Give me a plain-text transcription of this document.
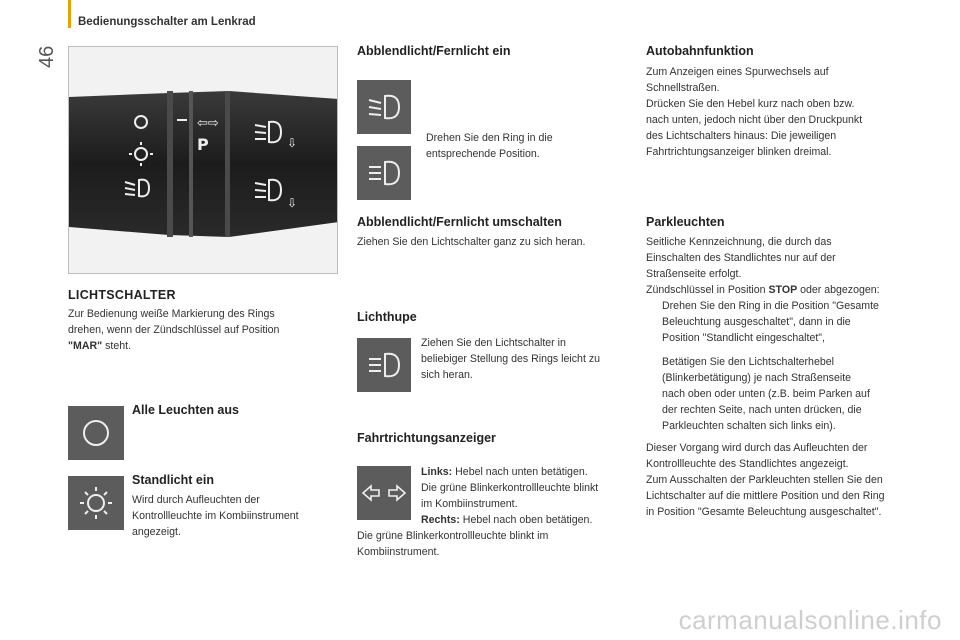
Bedienungsschalter am Lenkrad
46
⇦⇨
P	⇩
⇩
LICHTSCHALTER
Zur Bedienung weiße Markierung des Rings
drehen, wenn der Zündschlüssel auf Position
"MAR" steht.
Alle Leuchten aus
Standlicht ein
Wird durch Aufleuchten der
Kontrollleuchte im Kombiinstrument
angezeigt.
Abblendlicht/Fernlicht ein
Drehen Sie den Ring in die
entsprechende Position.
Abblendlicht/Fernlicht umschalten
Ziehen Sie den Lichtschalter ganz zu sich heran.
Lichthupe
Ziehen Sie den Lichtschalter in
beliebiger Stellung des Rings leicht zu
sich heran.
Fahrtrichtungsanzeiger
Links: Hebel nach unten betätigen.
Die grüne Blinkerkontrollleuchte blinkt
im Kombiinstrument.
Rechts: Hebel nach oben betätigen.
Die grüne Blinkerkontrollleuchte blinkt im
Kombiinstrument.
Autobahnfunktion
Zum Anzeigen eines Spurwechsels auf
Schnellstraßen.
Drücken Sie den Hebel kurz nach oben bzw.
nach unten, jedoch nicht über den Druckpunkt
des Lichtschalters hinaus: Die jeweiligen
Fahrtrichtungsanzeiger blinken dreimal.
Parkleuchten
Seitliche Kennzeichnung, die durch das
Einschalten des Standlichtes nur auf der
Straßenseite erfolgt.
Zündschlüssel in Position STOP oder abgezogen:
Drehen Sie den Ring in die Position "Gesamte
Beleuchtung ausgeschaltet", dann in die
Position "Standlicht eingeschaltet",
Betätigen Sie den Lichtschalterhebel
(Blinkerbetätigung) je nach Straßenseite
nach oben oder unten (z.B. beim Parken auf
der rechten Seite, nach unten drücken, die
Parkleuchten schalten sich links ein).
Dieser Vorgang wird durch das Aufleuchten der
Kontrollleuchte des Standlichtes angezeigt.
Zum Ausschalten der Parkleuchten stellen Sie den
Lichtschalter auf die mittlere Position und den Ring
in Position "Gesamte Beleuchtung ausgeschaltet".
carmanualsonline.info
